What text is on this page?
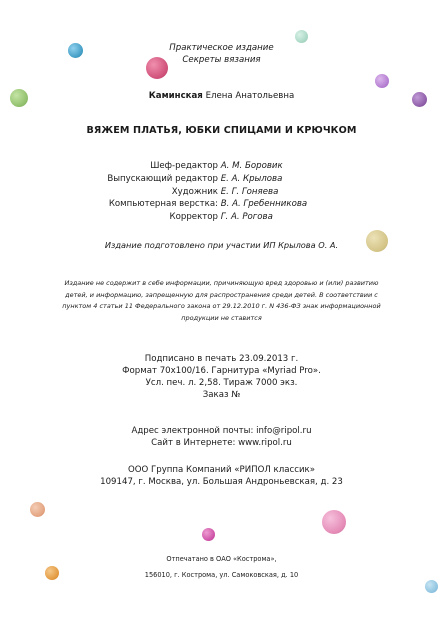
Практическое издание
Секреты вязания
Каминская Елена Анатольевна
ВЯЖЕМ ПЛАТЬЯ, ЮБКИ СПИЦАМИ И КРЮЧКОМ
Шеф-редактор
А. М. Боровик
Выпускающий редактор
Е. А. Крылова
Художник
Е. Г. Гоняева
Компьютерная верстка:
В. А. Гребенникова
Корректор
Г. А. Рогова
Издание подготовлено при участии ИП Крылова О. А.
Издание не содержит в себе информации, причиняющую вред здоровью и (или) развитию
детей, и информацию, запрещенную для распространения среди детей. В соответствии с
пунктом 4 статьи 11 Федерального закона от 29.12.2010 г. N 436-ФЗ знак информационной
продукции не ставится
Подписано в печать 23.09.2013 г.
Формат 70x100/16. Гарнитура «Myriad Pro».
Усл. печ. л. 2,58. Тираж 7000 экз.
Заказ №
Адрес электронной почты: info@ripol.ru
Сайт в Интернете: www.ripol.ru
ООО Группа Компаний «РИПОЛ классик»
109147, г. Москва, ул. Большая Андроньевская, д. 23
Отпечатано в ОАО «Кострома»,
156010, г. Кострома, ул. Самоковская, д. 10
